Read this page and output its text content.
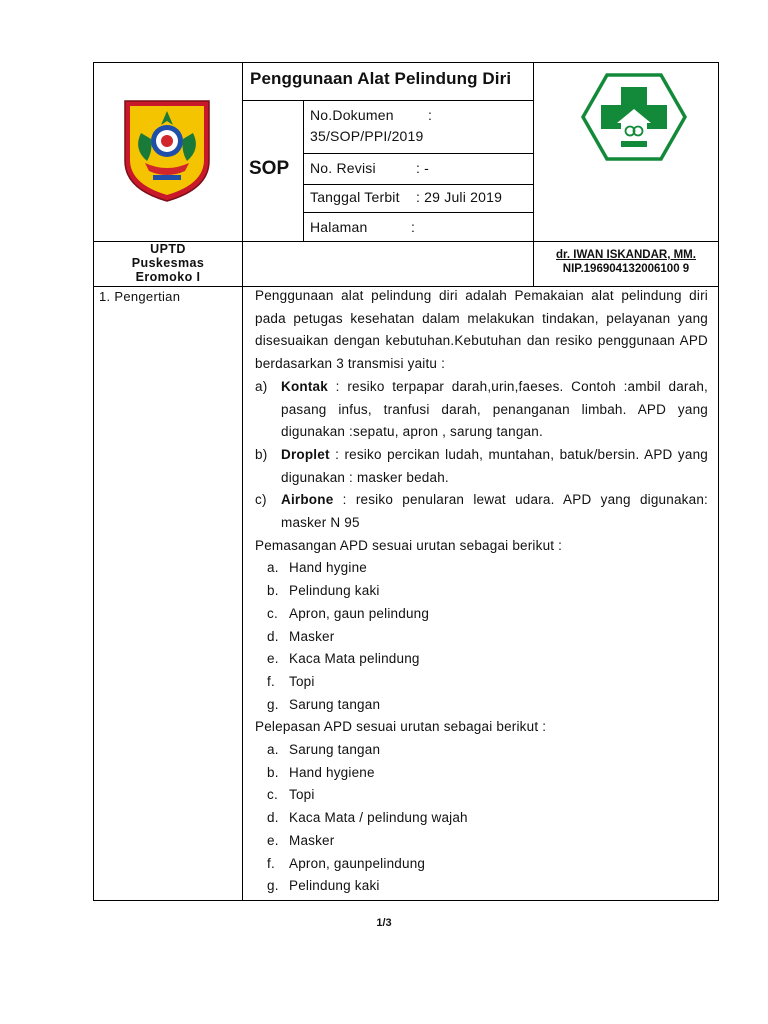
Penggunaan Alat Pelindung Diri
SOP
No.Dokumen :
35/SOP/PPI/2019
No. Revisi	: -
Tanggal Terbit : 29 Juli 2019
Halaman	:
UPTD
Puskesmas
Eromoko I
dr. IWAN ISKANDAR, MM.
NIP.196904132006100 9
1. Pengertian	Penggunaan alat pelindung diri adalah Pemakaian alat pelindung diri pada petugas kesehatan dalam melakukan tindakan, pelayanan yang disesuaikan dengan kebutuhan.Kebutuhan dan resiko penggunaan APD berdasarkan 3 transmisi yaitu :

a)	Kontak : resiko terpapar darah,urin,faeses. Contoh :ambil darah, pasang infus, tranfusi darah, penanganan limbah. APD yang digunakan :sepatu, apron , sarung tangan.
b)	Droplet : resiko percikan ludah, muntahan, batuk/bersin. APD yang digunakan : masker bedah.
c)	Airbone : resiko penularan lewat udara. APD yang digunakan: masker N 95

Pemasangan APD sesuai urutan sebagai berikut :

a. Hand hygine
b. Pelindung kaki
c. Apron, gaun pelindung
d. Masker
e. Kaca Mata pelindung
f.	Topi
g. Sarung tangan

Pelepasan APD sesuai urutan sebagai berikut :

a. Sarung tangan
b. Hand hygiene
c. Topi
d. Kaca Mata / pelindung wajah
e. Masker
f.	Apron, gaunpelindung
g. Pelindung kaki
1/3
